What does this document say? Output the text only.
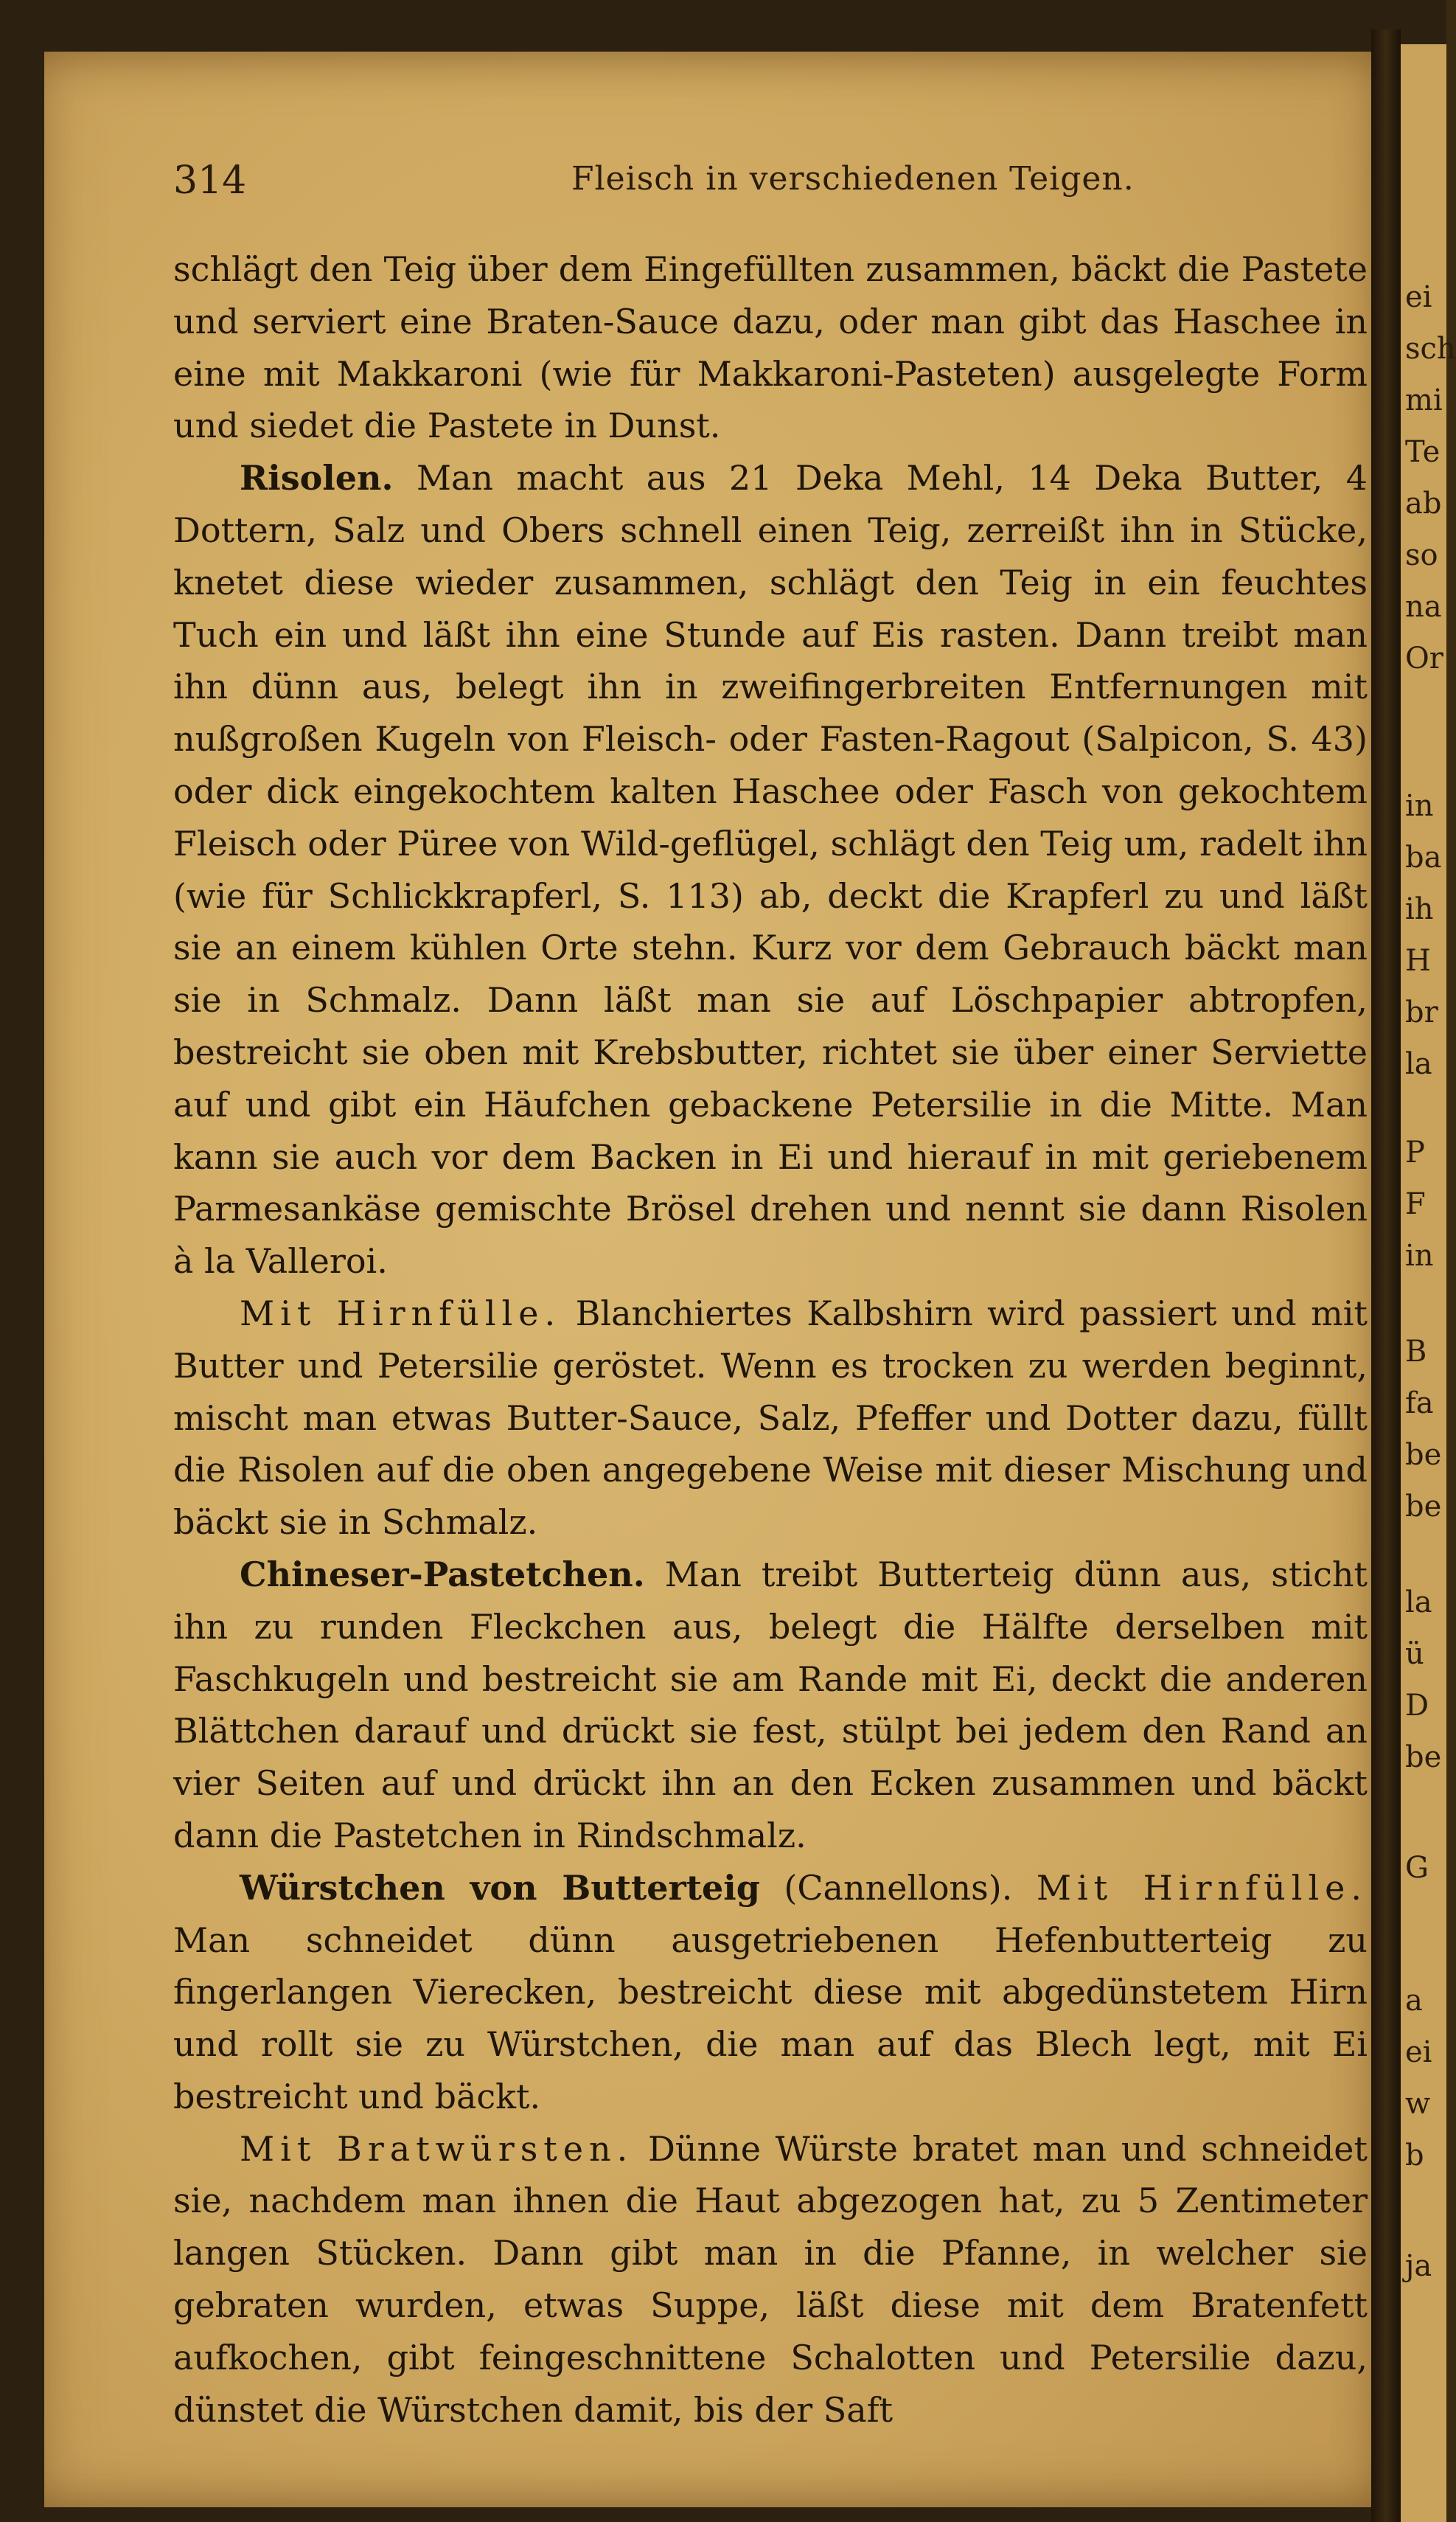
ei
sch
mi
Te
ab
so
na
Or
in
ba
ih
H
br
la
P
F
in
B
fa
be
be
la
ü
D
be
G
a
ei
w
b
ja
314	Fleisch in verschiedenen Teigen.

schlägt den Teig über dem Eingefüllten zusammen, bäckt die Pastete und serviert eine Braten-Sauce dazu, oder man gibt das Haschee in eine mit Makkaroni (wie für Makkaroni-Pasteten) ausgelegte Form und siedet die Pastete in Dunst.

Risolen. Man macht aus 21 Deka Mehl, 14 Deka Butter, 4 Dottern, Salz und Obers schnell einen Teig, zerreißt ihn in Stücke, knetet diese wieder zusammen, schlägt den Teig in ein feuchtes Tuch ein und läßt ihn eine Stunde auf Eis rasten. Dann treibt man ihn dünn aus, belegt ihn in zweifingerbreiten Entfernungen mit nußgroßen Kugeln von Fleisch- oder Fasten-Ragout (Salpicon, S. 43) oder dick eingekochtem kalten Haschee oder Fasch von gekochtem Fleisch oder Püree von Wild-geflügel, schlägt den Teig um, radelt ihn (wie für Schlickkrapferl, S. 113) ab, deckt die Krapferl zu und läßt sie an einem kühlen Orte stehn. Kurz vor dem Gebrauch bäckt man sie in Schmalz. Dann läßt man sie auf Löschpapier abtropfen, bestreicht sie oben mit Krebsbutter, richtet sie über einer Serviette auf und gibt ein Häufchen gebackene Petersilie in die Mitte. Man kann sie auch vor dem Backen in Ei und hierauf in mit geriebenem Parmesankäse gemischte Brösel drehen und nennt sie dann Risolen à la Valleroi.

Mit Hirnfülle. Blanchiertes Kalbshirn wird passiert und mit Butter und Petersilie geröstet. Wenn es trocken zu werden beginnt, mischt man etwas Butter-Sauce, Salz, Pfeffer und Dotter dazu, füllt die Risolen auf die oben angegebene Weise mit dieser Mischung und bäckt sie in Schmalz.

Chineser-Pastetchen. Man treibt Butterteig dünn aus, sticht ihn zu runden Fleckchen aus, belegt die Hälfte derselben mit Faschkugeln und bestreicht sie am Rande mit Ei, deckt die anderen Blättchen darauf und drückt sie fest, stülpt bei jedem den Rand an vier Seiten auf und drückt ihn an den Ecken zusammen und bäckt dann die Pastetchen in Rindschmalz.

Würstchen von Butterteig (Cannellons). Mit Hirnfülle. Man schneidet dünn ausgetriebenen Hefenbutterteig zu fingerlangen Vierecken, bestreicht diese mit abgedünstetem Hirn und rollt sie zu Würstchen, die man auf das Blech legt, mit Ei bestreicht und bäckt.

Mit Bratwürsten. Dünne Würste bratet man und schneidet sie, nachdem man ihnen die Haut abgezogen hat, zu 5 Zentimeter langen Stücken. Dann gibt man in die Pfanne, in welcher sie gebraten wurden, etwas Suppe, läßt diese mit dem Bratenfett aufkochen, gibt feingeschnittene Schalotten und Petersilie dazu, dünstet die Würstchen damit, bis der Saft
